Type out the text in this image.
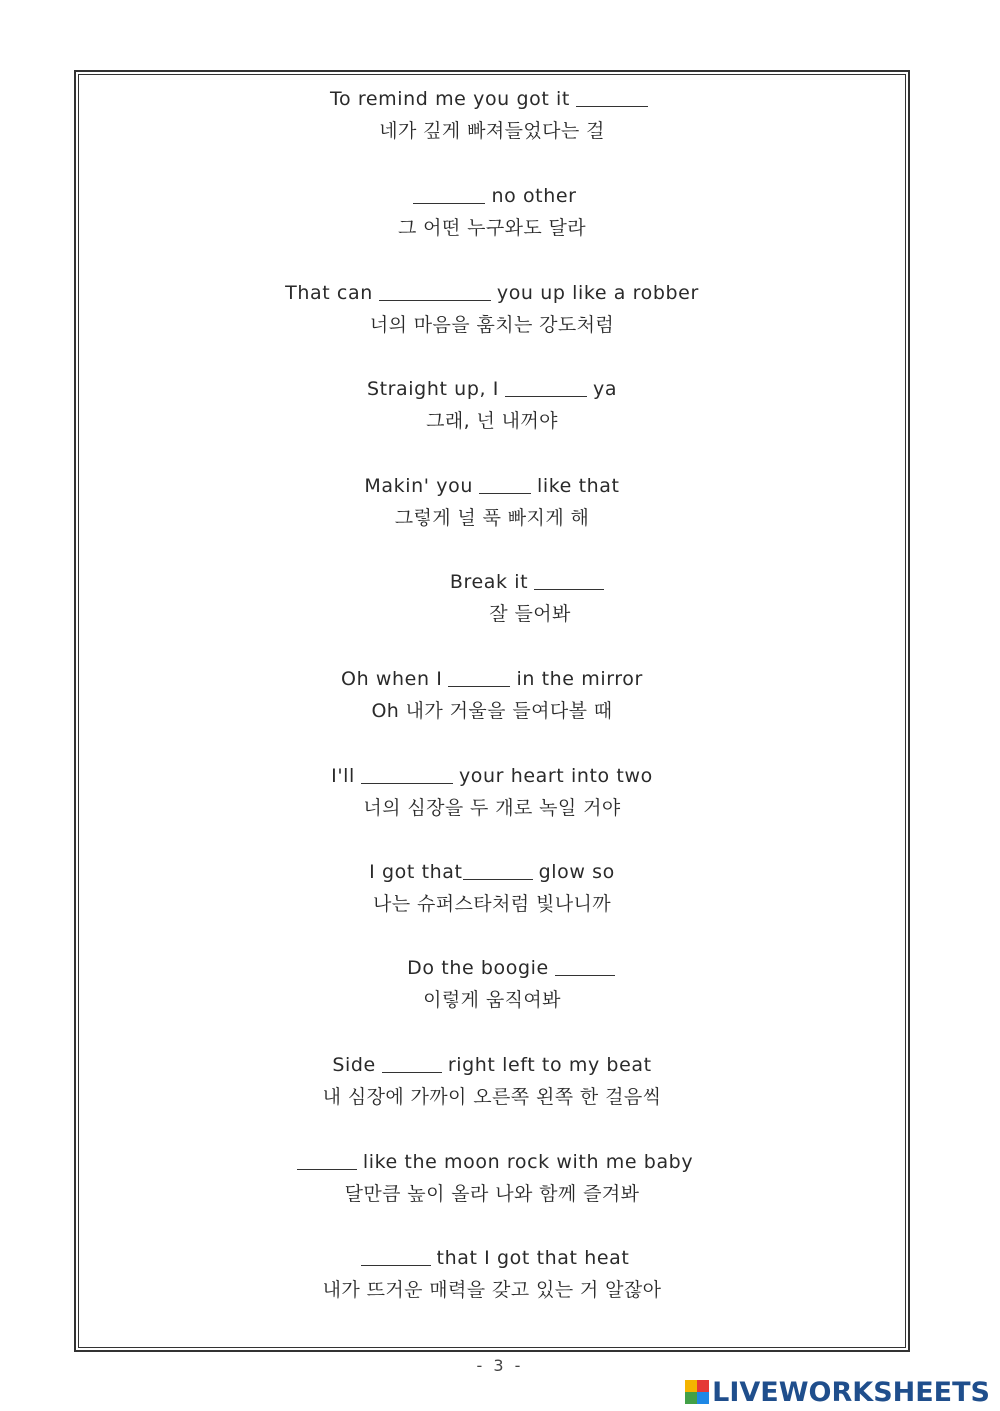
To remind me you got it
네가 깊게 빠져들었다는 걸
no other
그 어떤 누구와도 달라
That can	you up like a robber
너의 마음을 훔치는 강도처럼
Straight up, I	ya
그래, 넌 내꺼야
Makin' you	like that
그렇게 널 푹 빠지게 해
Break it
잘 들어봐
Oh when I	in the mirror
Oh 내가 거울을 들여다볼 때
I'll	your heart into two
너의 심장을 두 개로 녹일 거야
I got that	glow so
나는 슈퍼스타처럼 빛나니까
Do the boogie
이렇게 움직여봐
Side	right left to my beat
내 심장에 가까이 오른쪽 왼쪽 한 걸음씩
like the moon rock with me baby
달만큼 높이 올라 나와 함께 즐겨봐
that I got that heat
내가 뜨거운 매력을 갖고 있는 거 알잖아
- 3 -
LIVEWORKSHEETS
